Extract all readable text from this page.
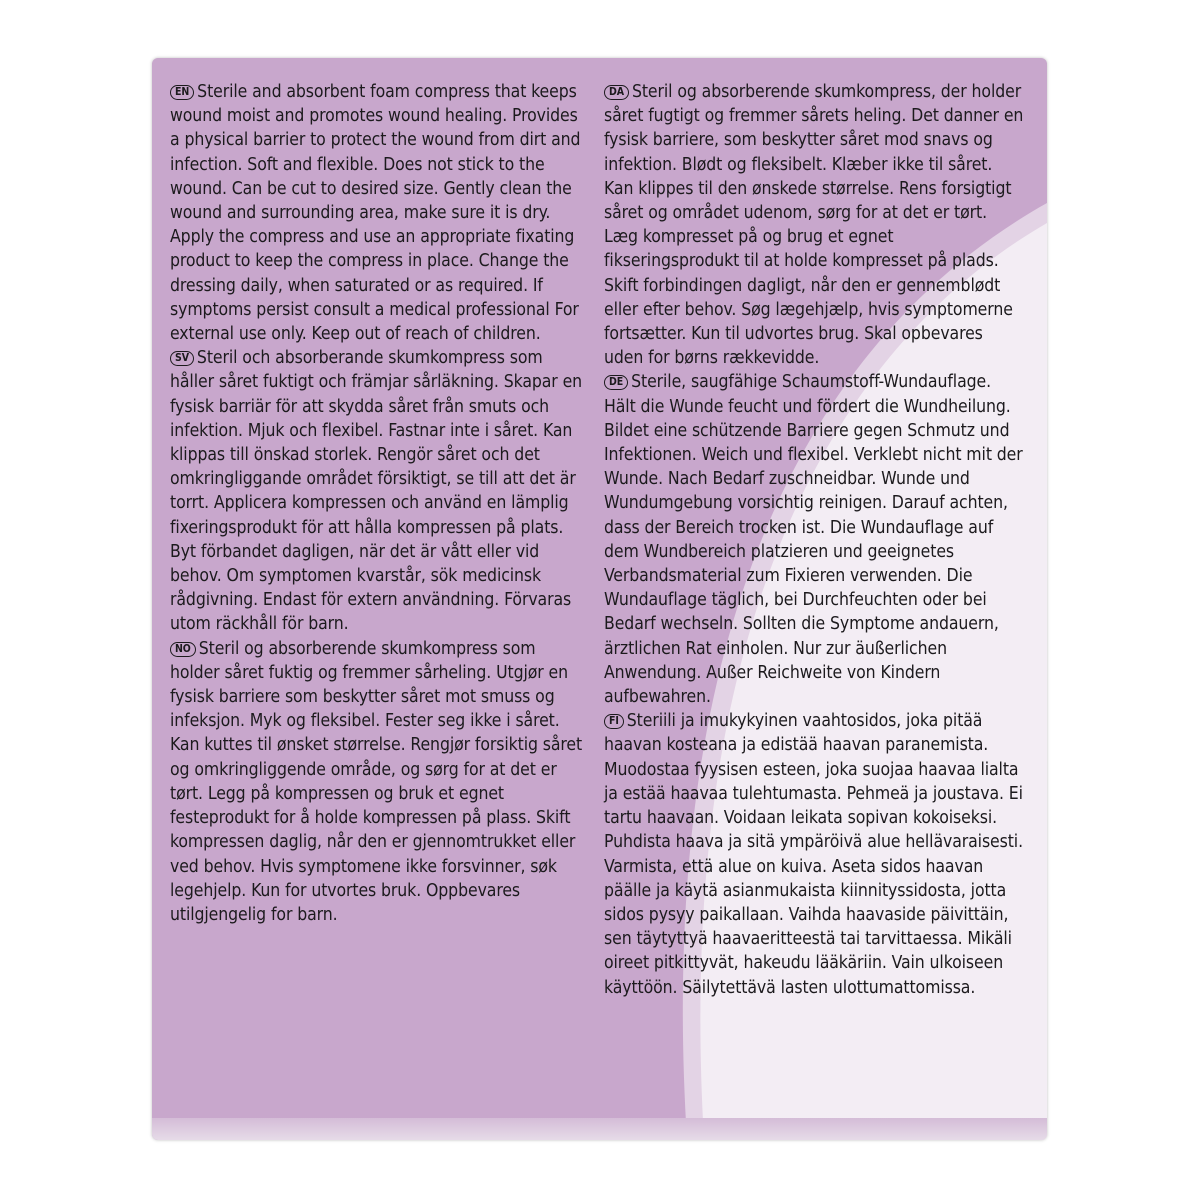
EN Sterile and absorbent foam compress that keeps wound moist and promotes wound healing. Provides a physical barrier to protect the wound from dirt and infection. Soft and flexible. Does not stick to the wound. Can be cut to desired size. Gently clean the wound and surrounding area, make sure it is dry. Apply the compress and use an appropriate fixating product to keep the compress in place. Change the dressing daily, when saturated or as required. If symptoms persist consult a medical professional For external use only. Keep out of reach of children.

SV Steril och absorberande skumkompress som håller såret fuktigt och främjar sårläkning. Skapar en fysisk barriär för att skydda såret från smuts och infektion. Mjuk och flexibel. Fastnar inte i såret. Kan klippas till önskad storlek. Rengör såret och det omkringliggande området försiktigt, se till att det är torrt. Applicera kompressen och använd en lämplig fixeringsprodukt för att hålla kompressen på plats. Byt förbandet dagligen, när det är vått eller vid behov. Om symptomen kvarstår, sök medicinsk rådgivning. Endast för extern användning. Förvaras utom räckhåll för barn.

NO Steril og absorberende skumkompress som holder såret fuktig og fremmer sårheling. Utgjør en fysisk barriere som beskytter såret mot smuss og infeksjon. Myk og fleksibel. Fester seg ikke i såret. Kan kuttes til ønsket størrelse. Rengjør forsiktig såret og omkringliggende område, og sørg for at det er tørt. Legg på kompressen og bruk et egnet festeprodukt for å holde kompressen på plass. Skift kompressen daglig, når den er gjennomtrukket eller ved behov. Hvis symptomene ikke forsvinner, søk legehjelp. Kun for utvortes bruk. Oppbevares utilgjengelig for barn.

DA Steril og absorberende skumkompress, der holder såret fugtigt og fremmer sårets heling. Det danner en fysisk barriere, som beskytter såret mod snavs og infektion. Blødt og fleksibelt. Klæber ikke til såret. Kan klippes til den ønskede størrelse. Rens forsigtigt såret og området udenom, sørg for at det er tørt. Læg kompresset på og brug et egnet fikseringsprodukt til at holde kompresset på plads. Skift forbindingen dagligt, når den er gennemblødt eller efter behov. Søg lægehjælp, hvis symptomerne fortsætter. Kun til udvortes brug. Skal opbevares uden for børns rækkevidde.

DE Sterile, saugfähige Schaumstoff-Wundauflage. Hält die Wunde feucht und fördert die Wundheilung. Bildet eine schützende Barriere gegen Schmutz und Infektionen. Weich und flexibel. Verklebt nicht mit der Wunde. Nach Bedarf zuschneidbar. Wunde und Wundumgebung vorsichtig reinigen. Darauf achten, dass der Bereich trocken ist. Die Wundauflage auf dem Wundbereich platzieren und geeignetes Verbandsmaterial zum Fixieren verwenden. Die Wundauflage täglich, bei Durchfeuchten oder bei Bedarf wechseln. Sollten die Symptome andauern, ärztlichen Rat einholen. Nur zur äußerlichen Anwendung. Außer Reichweite von Kindern aufbewahren.

FI Steriili ja imukykyinen vaahtosidos, joka pitää haavan kosteana ja edistää haavan paranemista. Muodostaa fyysisen esteen, joka suojaa haavaa lialta ja estää haavaa tulehtumasta. Pehmeä ja joustava. Ei tartu haavaan. Voidaan leikata sopivan kokoiseksi. Puhdista haava ja sitä ympäröivä alue hellävaraisesti. Varmista, että alue on kuiva. Aseta sidos haavan päälle ja käytä asianmukaista kiinnityssidosta, jotta sidos pysyy paikallaan. Vaihda haavaside päivittäin, sen täytyttyä haavaeritteestä tai tarvittaessa. Mikäli oireet pitkittyvät, hakeudu lääkäriin. Vain ulkoiseen käyttöön. Säilytettävä lasten ulottumattomissa.
